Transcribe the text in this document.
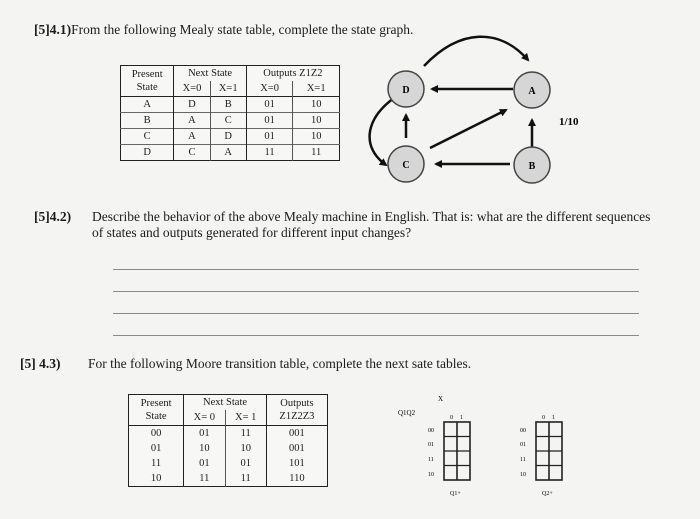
[5]4.1)From the following Mealy state table, complete the state graph.
Present
State	Next State		Outputs Z1Z2	
	X=0	X=1	X=0	X=1
A	D	B	01	10
B	A	C	01	10
C	A	D	01	10
D	C	A	11	11
D	A
C	B
1/10
[5]4.2) Describe the behavior of the above Mealy machine in English. That is: what are the different sequences of states and outputs generated for different input changes?
[5] 4.3) For the following Moore transition table, complete the next sate tables.
Present
State	Next State		Outputs
Z1Z2Z3
	X= 0	X= 1	
00	01	11	001
01	10	10	001
11	01	01	101
10	11	11	110
Q1Q2
X
0 1
00
01
11
10
Q1+
0 1
00
01
11
10
Q2+
